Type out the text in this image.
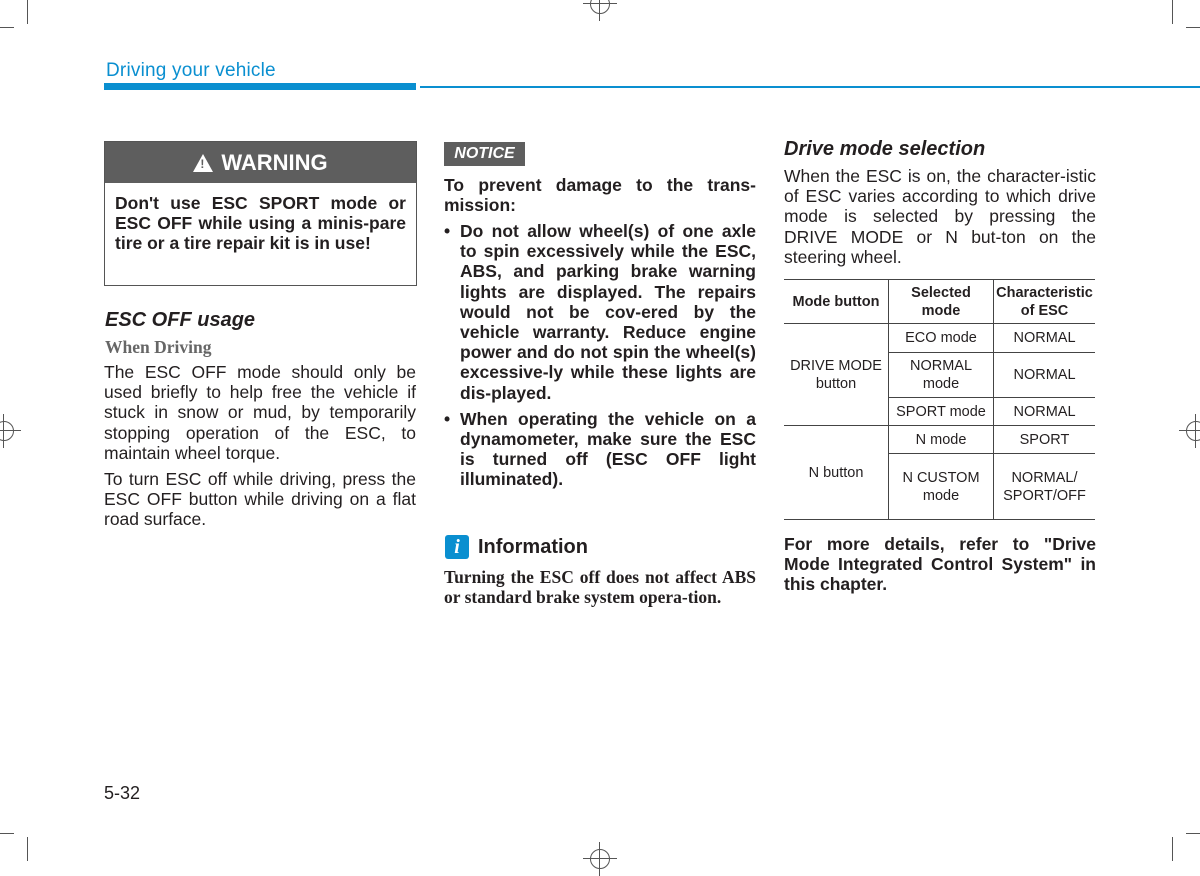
Driving your vehicle
! WARNING
Don't use ESC SPORT mode or ESC OFF while using a minis-pare tire or a tire repair kit is in use!
ESC OFF usage
When Driving
The ESC OFF mode should only be used briefly to help free the vehicle if stuck in snow or mud, by temporarily stopping operation of the ESC, to maintain wheel torque.
To turn ESC off while driving, press the ESC OFF button while driving on a flat road surface.
NOTICE
To prevent damage to the trans-mission:
• Do not allow wheel(s) of one axle to spin excessively while the ESC, ABS, and parking brake warning lights are displayed. The repairs would not be cov-ered by the vehicle warranty. Reduce engine power and do not spin the wheel(s) excessive-ly while these lights are dis-played.
• When operating the vehicle on a dynamometer, make sure the ESC is turned off (ESC OFF light illuminated).
i Information
Turning the ESC off does not affect ABS or standard brake system opera-tion.
Drive mode selection
When the ESC is on, the character-istic of ESC varies according to which drive mode is selected by pressing the DRIVE MODE or N but-ton on the steering wheel.
Mode button	Selected mode	Characteristic of ESC
DRIVE MODE button	ECO mode	NORMAL
	NORMAL mode	NORMAL
	SPORT mode	NORMAL
N button	N mode	SPORT
	N CUSTOM mode	NORMAL/ SPORT/OFF
For more details, refer to "Drive Mode Integrated Control System" in this chapter.
5-32
